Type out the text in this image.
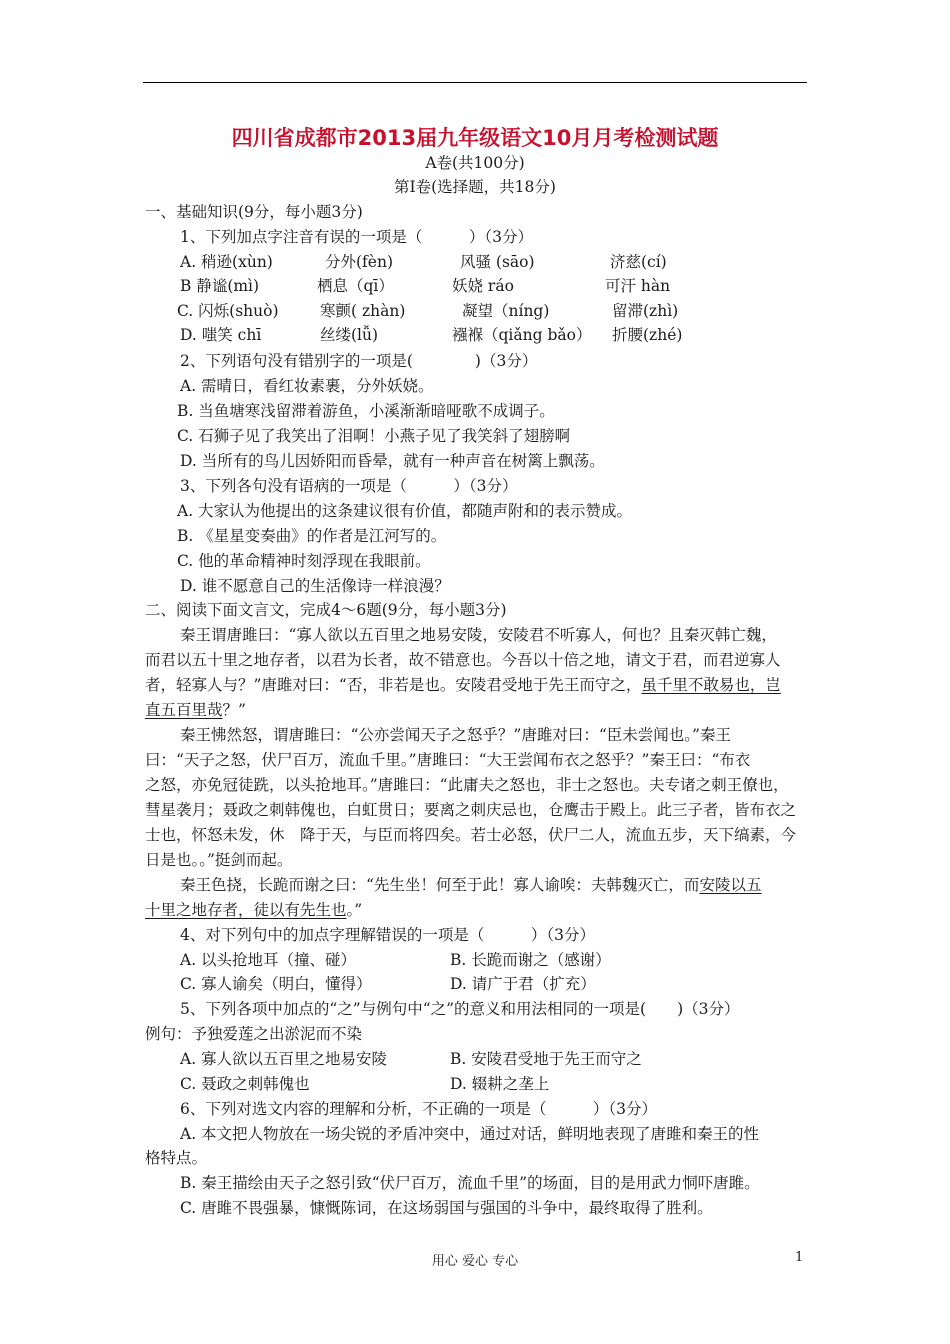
四川省成都市2013届九年级语文10月月考检测试题
A卷(共100分)
第Ⅰ卷(选择题，共18分)
一、基础知识(9分，每小题3分)
1、下列加点字注音有误的一项是（　　　）（3分）
A. 稍逊(xùn)	分外(fèn)	风骚 (sāo)	济慈(cí)
B 静谧(mì)	栖息（qī）	妖娆 ráo	可汗 hàn
C. 闪烁(shuò)	寒颤( zhàn)	凝望（níng)	留滞(zhì)
D. 嗤笑 chī	丝缕(lǚ)	襁褓（qiǎng bǎo） 折腰(zhé)
2、下列语句没有错别字的一项是(　　　　)（3分）
A. 需晴日，看红妆素裹，分外妖娆。
B. 当鱼塘寒浅留滞着游鱼，小溪渐渐暗哑歌不成调子。
C. 石狮子见了我笑出了泪啊！小燕子见了我笑斜了翅膀啊
D. 当所有的鸟儿因娇阳而昏晕，就有一种声音在树篱上飘荡。
3、下列各句没有语病的一项是（　　　）（3分）
A. 大家认为他提出的这条建议很有价值，都随声附和的表示赞成。
B. 《星星变奏曲》的作者是江河写的。
C. 他的革命精神时刻浮现在我眼前。
D. 谁不愿意自己的生活像诗一样浪漫？
二、阅读下面文言文，完成4～6题(9分，每小题3分)
秦王谓唐雎曰：“寡人欲以五百里之地易安陵，安陵君不听寡人，何也？且秦灭韩亡魏，
而君以五十里之地存者，以君为长者，故不错意也。今吾以十倍之地，请文于君，而君逆寡人
者，轻寡人与？”唐雎对曰：“否，非若是也。安陵君受地于先王而守之，虽千里不敢易也，岂
直五百里哉？”
秦王怫然怒，谓唐雎曰：“公亦尝闻天子之怒乎？”唐雎对曰：“臣未尝闻也。”秦王
曰：“天子之怒，伏尸百万，流血千里。”唐雎曰：“大王尝闻布衣之怒乎？”秦王曰：“布衣
之怒，亦免冠徒跣，以头抢地耳。”唐雎曰：“此庸夫之怒也，非士之怒也。夫专诸之刺王僚也，
彗星袭月；聂政之刺韩傀也，白虹贯日；要离之刺庆忌也，仓鹰击于殿上。此三子者，皆布衣之
士也，怀怒未发，休　降于天，与臣而将四矣。若士必怒，伏尸二人，流血五步，天下缟素，今
日是也。。”挺剑而起。
秦王色挠，长跪而谢之曰：“先生坐！何至于此！寡人谕唉：夫韩魏灭亡，而安陵以五
十里之地存者，徒以有先生也。”
4、对下列句中的加点字理解错误的一项是（　　　）（3分）
A. 以头抢地耳（撞、碰）	B. 长跪而谢之（感谢）
C. 寡人谕矣（明白，懂得）	D. 请广于君（扩充）
5、下列各项中加点的“之”与例句中“之”的意义和用法相同的一项是(　　)（3分）
例句：予独爱莲之出淤泥而不染
A. 寡人欲以五百里之地易安陵	B. 安陵君受地于先王而守之
C. 聂政之刺韩傀也	D. 辍耕之垄上
6、下列对选文内容的理解和分析，不正确的一项是（　　　）（3分）
A. 本文把人物放在一场尖锐的矛盾冲突中，通过对话，鲜明地表现了唐雎和秦王的性
格特点。
B. 秦王描绘由天子之怒引致“伏尸百万，流血千里”的场面，目的是用武力恫吓唐雎。
C. 唐雎不畏强暴，慷慨陈词，在这场弱国与强国的斗争中，最终取得了胜利。
用心 爱心 专心	1
